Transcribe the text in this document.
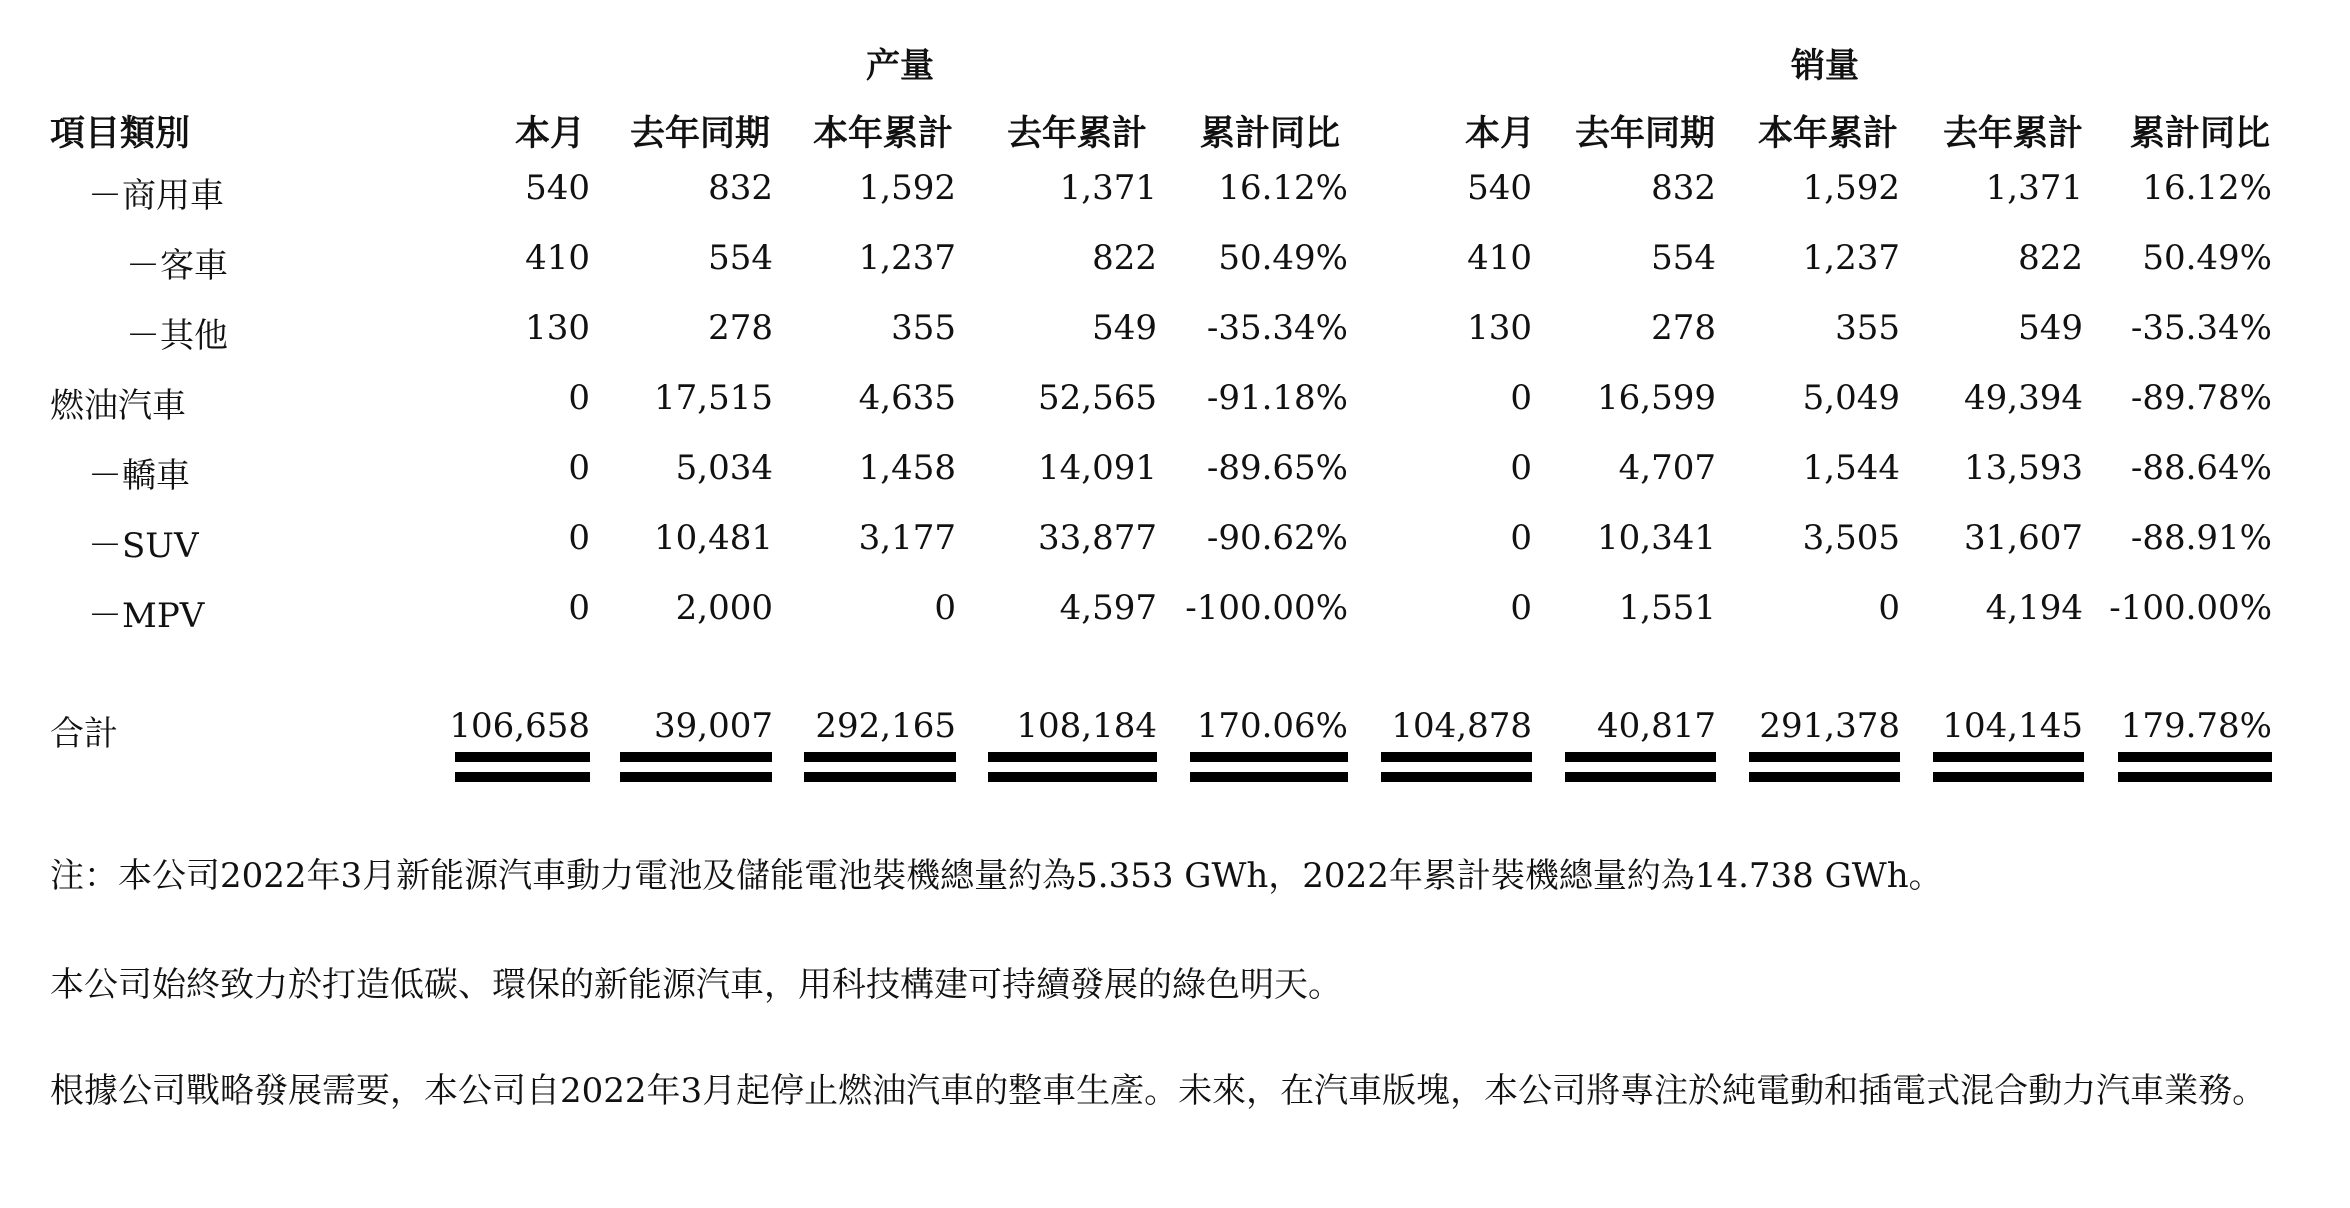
产量	销量
項目類別	本月	去年同期	本年累計	去年累計	累計同比	本月	去年同期	本年累計	去年累計	累計同比
－商用車	540	832	1,592	1,371	16.12%	540	832	1,592	1,371	16.12%
－客車	410	554	1,237	822	50.49%	410	554	1,237	822	50.49%
－其他	130	278	355	549	-35.34%	130	278	355	549	-35.34%
燃油汽車	0	17,515	4,635	52,565	-91.18%	0	16,599	5,049	49,394	-89.78%
－轎車	0	5,034	1,458	14,091	-89.65%	0	4,707	1,544	13,593	-88.64%
－SUV	0	10,481	3,177	33,877	-90.62%	0	10,341	3,505	31,607	-88.91%
－MPV	0	2,000	0	4,597 -100.00%	0	1,551	0	4,194 -100.00%
合計	106,658	39,007	292,165	108,184	170.06%	104,878	40,817	291,378	104,145	179.78%
注：本公司2022年3月新能源汽車動力電池及儲能電池裝機總量約為5.353 GWh，2022年累計裝機總量約為14.738 GWh。
本公司始終致力於打造低碳、環保的新能源汽車，用科技構建可持續發展的綠色明天。
根據公司戰略發展需要，本公司自2022年3月起停止燃油汽車的整車生產。未來，在汽車版塊，本公司將專注於純電動和插電式混合動力汽車業務。
